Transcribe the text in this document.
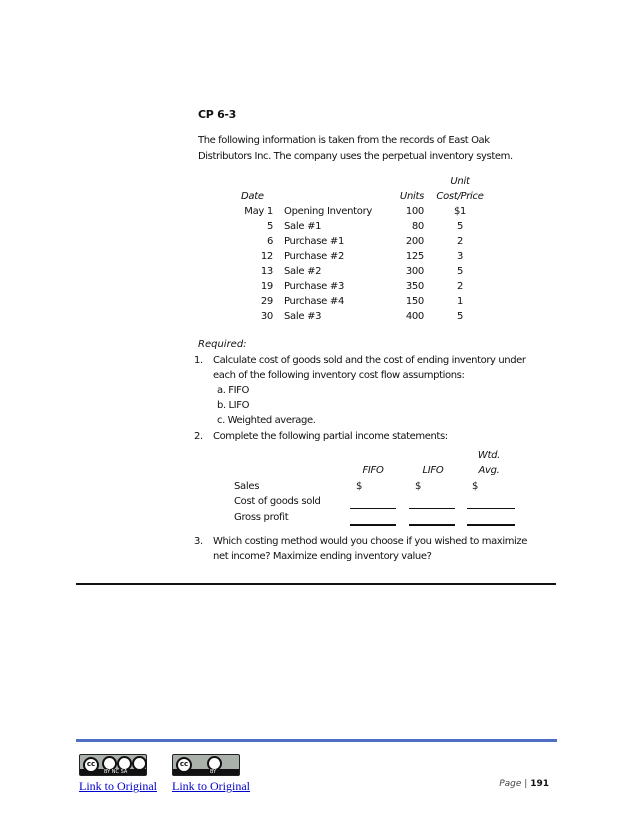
CP 6-3
The following information is taken from the records of East Oak
Distributors Inc. The company uses the perpetual inventory system.
Unit
Date	Units	Cost/Price
May 1 Opening Inventory	100	$1
5 Sale #1	80	5
6 Purchase #1	200	2
12 Purchase #2	125	3
13 Sale #2	300	5
19 Purchase #3	350	2
29 Purchase #4	150	1
30 Sale #3	400	5
Required:
1. Calculate cost of goods sold and the cost of ending inventory under
each of the following inventory cost flow assumptions:
a. FIFO
b. LIFO
c. Weighted average.
2. Complete the following partial income statements:
Wtd.
FIFO	LIFO	Avg.
Sales	$	$	$
Cost of goods sold
Gross profit
3. Which costing method would you choose if you wished to maximize
net income? Maximize ending inventory value?
cc
BY NC SA
cc
BY
Link to Original Link to Original	Page | 191
